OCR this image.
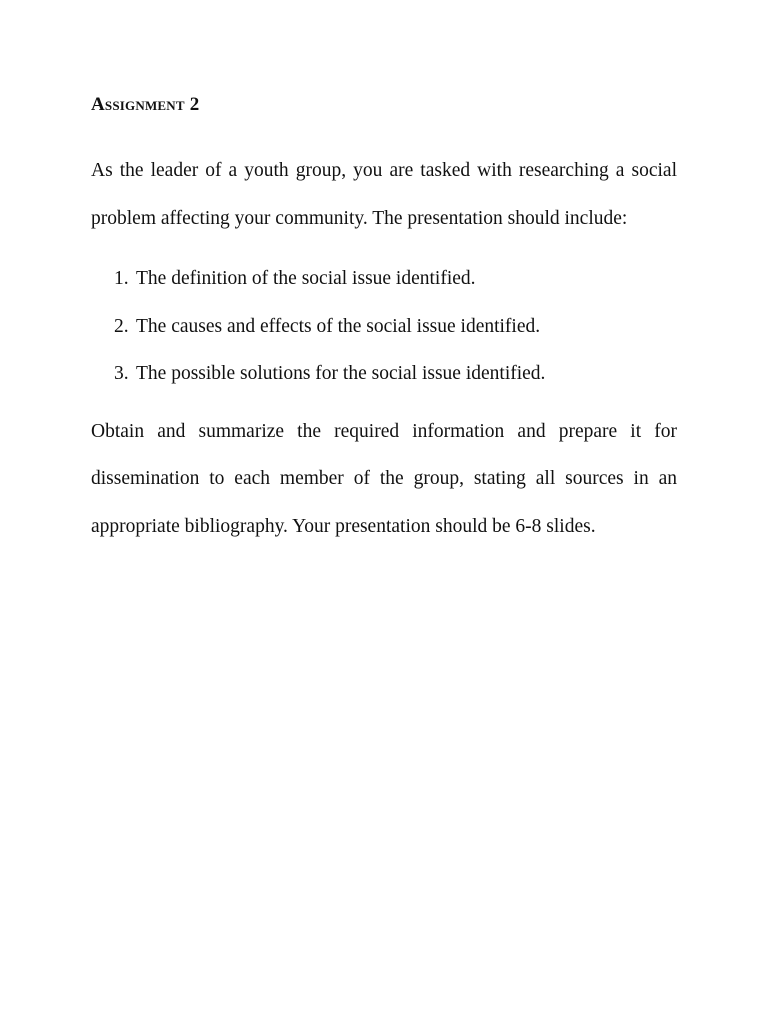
Assignment 2

As the leader of a youth group, you are tasked with researching a social problem affecting your community. The presentation should include:

1. The definition of the social issue identified.
2. The causes and effects of the social issue identified.
3. The possible solutions for the social issue identified.

Obtain and summarize the required information and prepare it for dissemination to each member of the group, stating all sources in an appropriate bibliography. Your presentation should be 6-8 slides.
